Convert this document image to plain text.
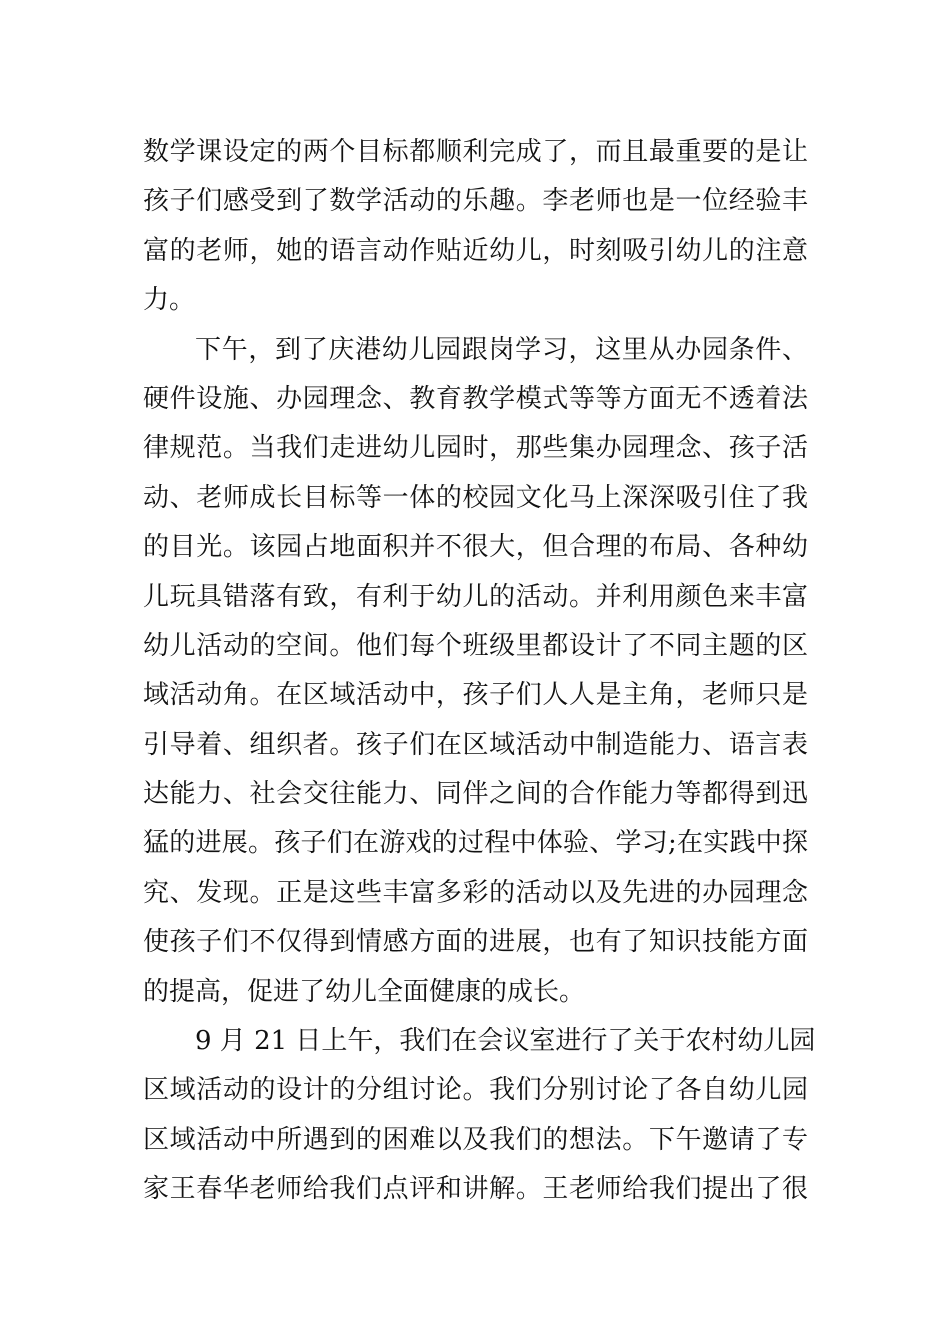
数学课设定的两个目标都顺利完成了，而且最重要的是让
孩子们感受到了数学活动的乐趣。李老师也是一位经验丰
富的老师，她的语言动作贴近幼儿，时刻吸引幼儿的注意
力。
下午，到了庆港幼儿园跟岗学习，这里从办园条件、
硬件设施、办园理念、教育教学模式等等方面无不透着法
律规范。当我们走进幼儿园时，那些集办园理念、孩子活
动、老师成长目标等一体的校园文化马上深深吸引住了我
的目光。该园占地面积并不很大，但合理的布局、各种幼
儿玩具错落有致，有利于幼儿的活动。并利用颜色来丰富
幼儿活动的空间。他们每个班级里都设计了不同主题的区
域活动角。在区域活动中，孩子们人人是主角，老师只是
引导着、组织者。孩子们在区域活动中制造能力、语言表
达能力、社会交往能力、同伴之间的合作能力等都得到迅
猛的进展。孩子们在游戏的过程中体验、学习;在实践中探
究、发现。正是这些丰富多彩的活动以及先进的办园理念
使孩子们不仅得到情感方面的进展，也有了知识技能方面
的提高，促进了幼儿全面健康的成长。
9 月 21 日上午，我们在会议室进行了关于农村幼儿园
区域活动的设计的分组讨论。我们分别讨论了各自幼儿园
区域活动中所遇到的困难以及我们的想法。下午邀请了专
家王春华老师给我们点评和讲解。王老师给我们提出了很
